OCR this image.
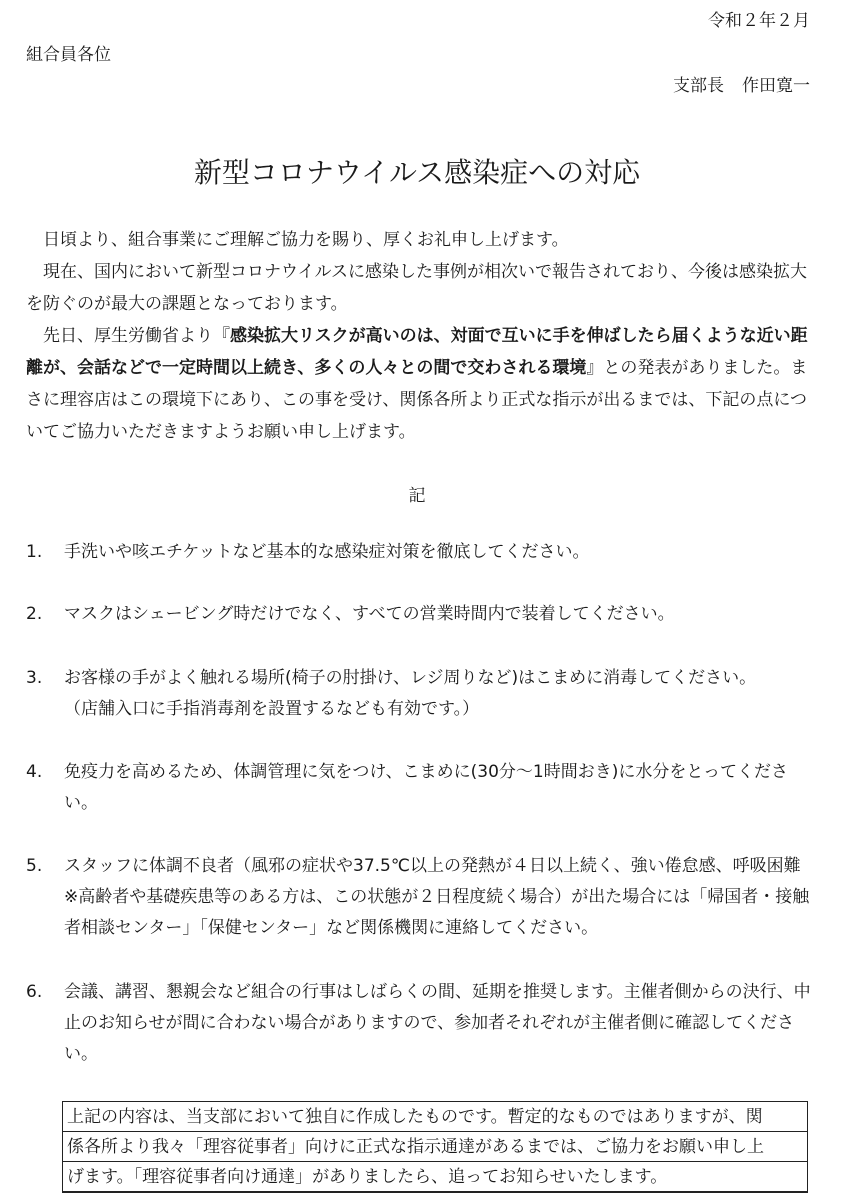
令和２年２月
組合員各位
支部長 作田寛一
新型コロナウイルス感染症への対応

日頃より、組合事業にご理解ご協力を賜り、厚くお礼申し上げます。

現在、国内において新型コロナウイルスに感染した事例が相次いで報告されており、今後は感染拡大を防ぐのが最大の課題となっております。

先日、厚生労働省より『感染拡大リスクが高いのは、対面で互いに手を伸ばしたら届くような近い距離が、会話などで一定時間以上続き、多くの人々との間で交わされる環境』との発表がありました。まさに理容店はこの環境下にあり、この事を受け、関係各所より正式な指示が出るまでは、下記の点についてご協力いただきますようお願い申し上げます。

記
1. 手洗いや咳エチケットなど基本的な感染症対策を徹底してください。
2. マスクはシェービング時だけでなく、すべての営業時間内で装着してください。
3. お客様の手がよく触れる場所(椅子の肘掛け、レジ周りなど)はこまめに消毒してください。
（店舗入口に手指消毒剤を設置するなども有効です。）
4. 免疫力を高めるため、体調管理に気をつけ、こまめに(30分～1時間おき)に水分をとってください。
5. スタッフに体調不良者（風邪の症状や37.5℃以上の発熱が４日以上続く、強い倦怠感、呼吸困難 ※高齢者や基礎疾患等のある方は、この状態が２日程度続く場合）が出た場合には「帰国者・接触者相談センター」「保健センター」など関係機関に連絡してください。
6. 会議、講習、懇親会など組合の行事はしばらくの間、延期を推奨します。主催者側からの決行、中止のお知らせが間に合わない場合がありますので、参加者それぞれが主催者側に確認してください。
上記の内容は、当支部において独自に作成したものです。暫定的なものではありますが、関
係各所より我々「理容従事者」向けに正式な指示通達があるまでは、ご協力をお願い申し上
げます。「理容従事者向け通達」がありましたら、追ってお知らせいたします。
